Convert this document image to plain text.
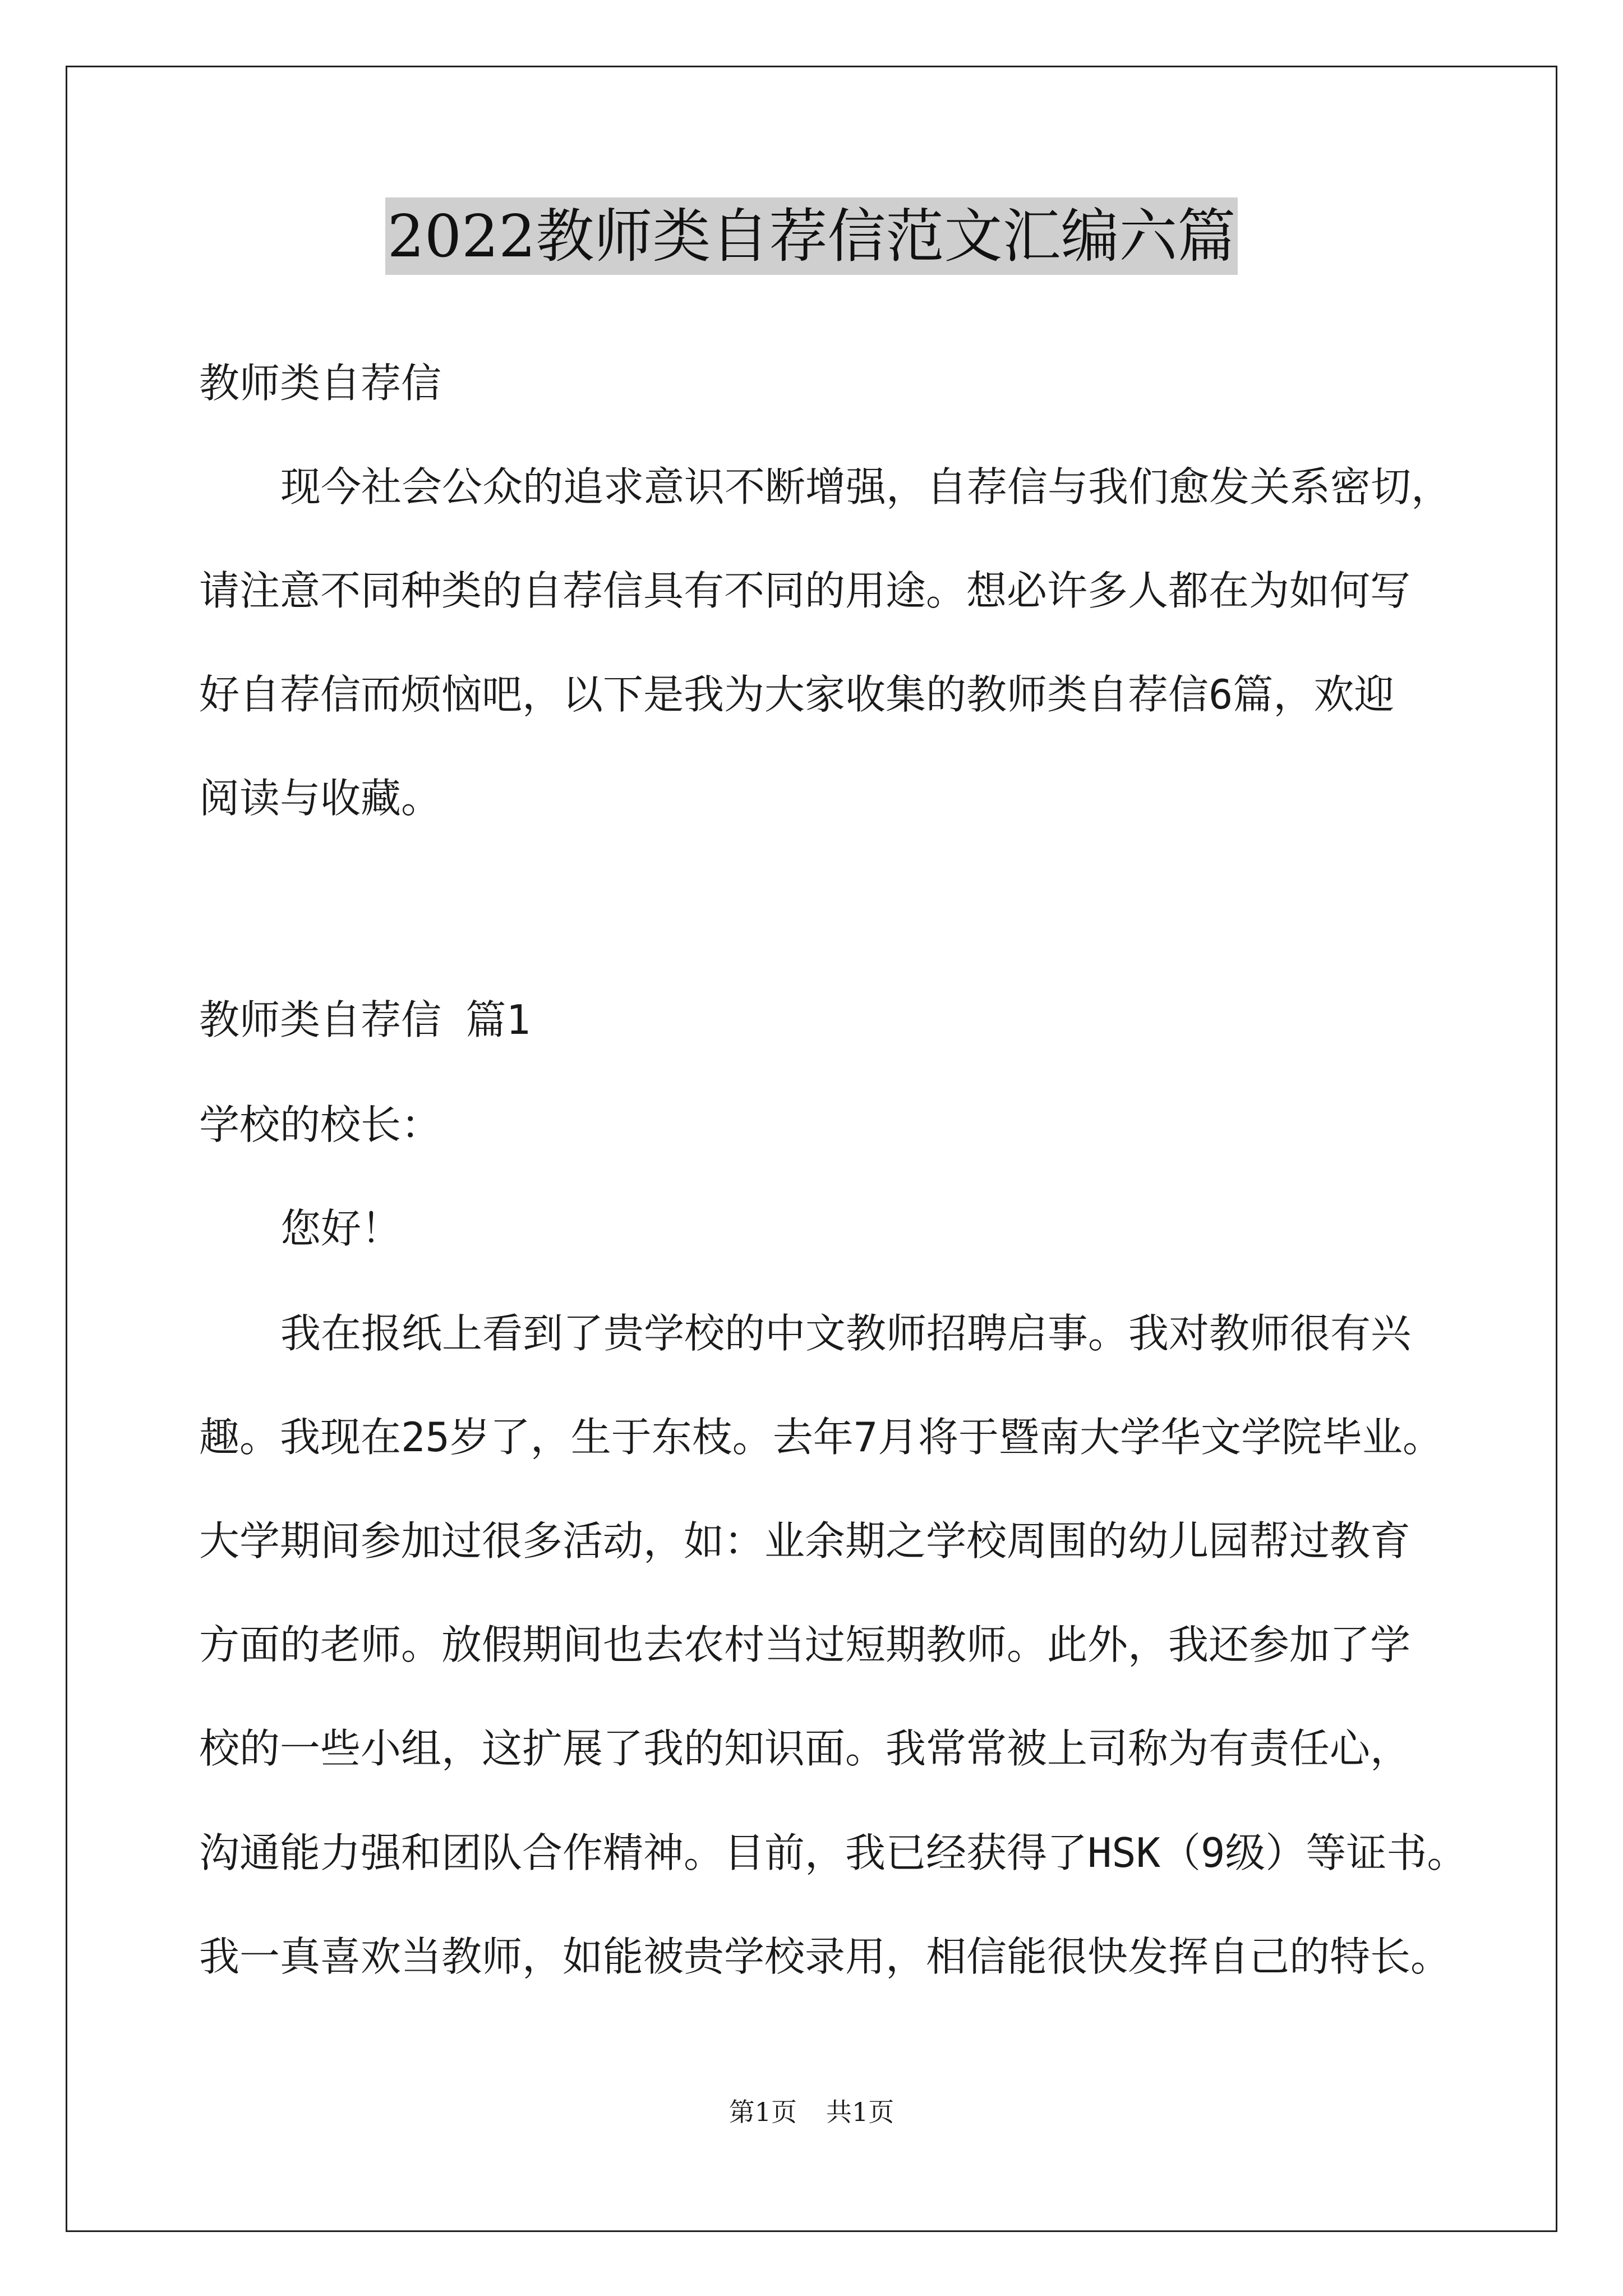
2022教师类自荐信范文汇编六篇
教师类自荐信
现今社会公众的追求意识不断增强，自荐信与我们愈发关系密切，
请注意不同种类的自荐信具有不同的用途。想必许多人都在为如何写
好自荐信而烦恼吧，以下是我为大家收集的教师类自荐信6篇，欢迎
阅读与收藏。
教师类自荐信 篇1
学校的校长：
您好！
我在报纸上看到了贵学校的中文教师招聘启事。我对教师很有兴
趣。我现在25岁了，生于东枝。去年7月将于暨南大学华文学院毕业。
大学期间参加过很多活动，如：业余期之学校周围的幼儿园帮过教育
方面的老师。放假期间也去农村当过短期教师。此外，我还参加了学
校的一些小组，这扩展了我的知识面。我常常被上司称为有责任心，
沟通能力强和团队合作精神。目前，我已经获得了HSK（9级）等证书。
我一真喜欢当教师，如能被贵学校录用，相信能很快发挥自己的特长。
第1页 共1页
